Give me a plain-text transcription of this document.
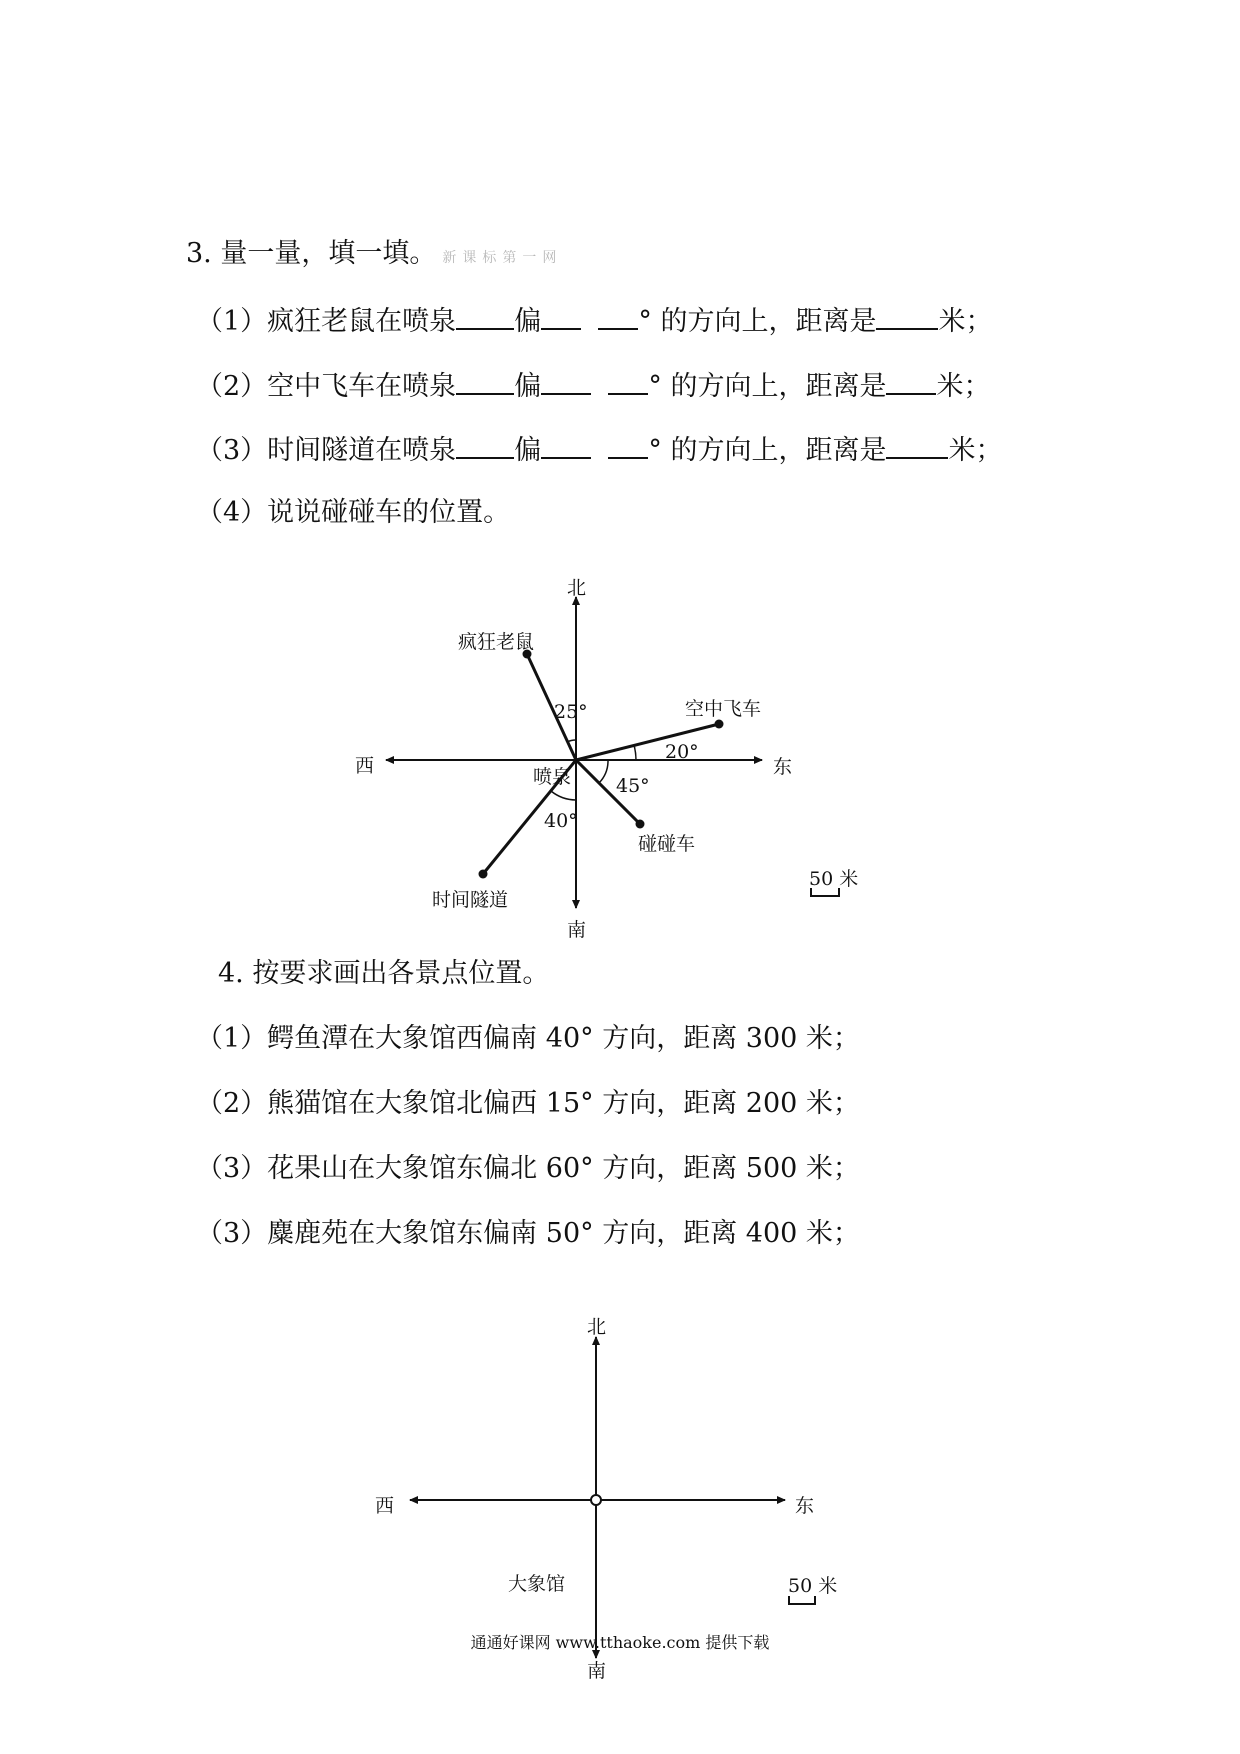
3. 量一量，填一填。 新课标第一网
（1）疯狂老鼠在喷泉 偏	° 的方向上，距离是 米；
（2）空中飞车在喷泉 偏	° 的方向上，距离是 米；
（3）时间隧道在喷泉 偏	° 的方向上，距离是 米；
（4）说说碰碰车的位置。
北
南
东
西	喷泉
疯狂老鼠
空中飞车
碰碰车
时间隧道
25°
20°
45°
40°
50 米
4. 按要求画出各景点位置。
（1）鳄鱼潭在大象馆西偏南 40° 方向，距离 300 米；
（2）熊猫馆在大象馆北偏西 15° 方向，距离 200 米；
（3）花果山在大象馆东偏北 60° 方向，距离 500 米；
（3）麋鹿苑在大象馆东偏南 50° 方向，距离 400 米；
北
东
西
大象馆
南
50 米
通通好课网 www.tthaoke.com 提供下载
